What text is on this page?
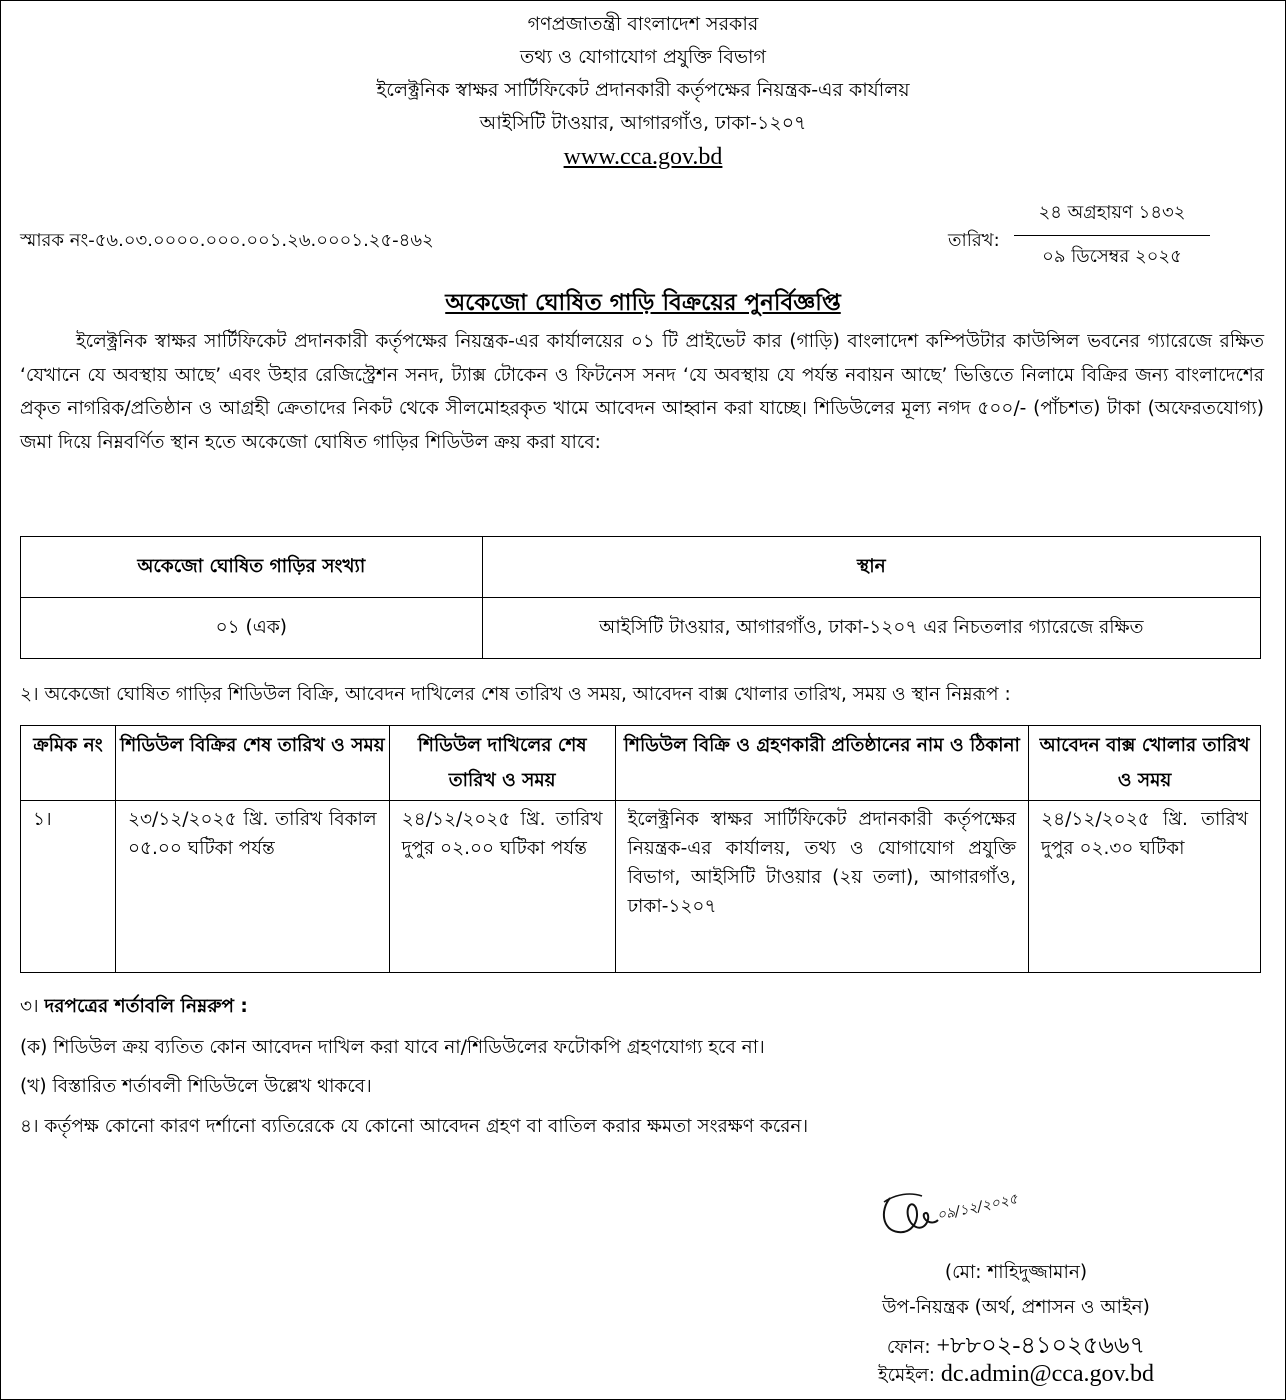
গণপ্রজাতন্ত্রী বাংলাদেশ সরকার
তথ্য ও যোগাযোগ প্রযুক্তি বিভাগ
ইলেক্ট্রনিক স্বাক্ষর সার্টিফিকেট প্রদানকারী কর্তৃপক্ষের নিয়ন্ত্রক-এর কার্যালয়
আইসিটি টাওয়ার, আগারগাঁও, ঢাকা-১২০৭
www.cca.gov.bd
স্মারক নং-৫৬.০৩.০০০০.০০০.০০১.২৬.০০০১.২৫-৪৬২	তারিখ:
২৪ অগ্রহায়ণ ১৪৩২
০৯ ডিসেম্বর ২০২৫
অকেজো ঘোষিত গাড়ি বিক্রয়ের পুনর্বিজ্ঞপ্তি
ইলেক্ট্রনিক স্বাক্ষর সার্টিফিকেট প্রদানকারী কর্তৃপক্ষের নিয়ন্ত্রক-এর কার্যালয়ের ০১ টি প্রাইভেট কার (গাড়ি) বাংলাদেশ কম্পিউটার কাউন্সিল ভবনের গ্যারেজে রক্ষিত ‘যেখানে যে অবস্থায় আছে’ এবং উহার রেজিস্ট্রেশন সনদ, ট্যাক্স টোকেন ও ফিটনেস সনদ ‘যে অবস্থায় যে পর্যন্ত নবায়ন আছে’ ভিত্তিতে নিলামে বিক্রির জন্য বাংলাদেশের প্রকৃত নাগরিক/প্রতিষ্ঠান ও আগ্রহী ক্রেতাদের নিকট থেকে সীলমোহরকৃত খামে আবেদন আহ্বান করা যাচ্ছে। শিডিউলের মূল্য নগদ ৫০০/- (পাঁচশত) টাকা (অফেরতযোগ্য) জমা দিয়ে নিম্নবর্ণিত স্থান হতে অকেজো ঘোষিত গাড়ির শিডিউল ক্রয় করা যাবে:
অকেজো ঘোষিত গাড়ির সংখ্যা	স্থান
০১ (এক)	আইসিটি টাওয়ার, আগারগাঁও, ঢাকা-১২০৭ এর নিচতলার গ্যারেজে রক্ষিত
২। অকেজো ঘোষিত গাড়ির শিডিউল বিক্রি, আবেদন দাখিলের শেষ তারিখ ও সময়, আবেদন বাক্স খোলার তারিখ, সময় ও স্থান নিম্নরূপ :
ক্রমিক নং	শিডিউল বিক্রির শেষ তারিখ ও সময়	শিডিউল দাখিলের শেষ তারিখ ও সময়	শিডিউল বিক্রি ও গ্রহণকারী প্রতিষ্ঠানের নাম ও ঠিকানা	আবেদন বাক্স খোলার তারিখ ও সময়
১।	২৩/১২/২০২৫ খ্রি. তারিখ বিকাল ০৫.০০ ঘটিকা পর্যন্ত	২৪/১২/২০২৫ খ্রি. তারিখ দুপুর ০২.০০ ঘটিকা পর্যন্ত	ইলেক্ট্রনিক স্বাক্ষর সার্টিফিকেট প্রদানকারী কর্তৃপক্ষের নিয়ন্ত্রক-এর কার্যালয়, তথ্য ও যোগাযোগ প্রযুক্তি বিভাগ, আইসিটি টাওয়ার (২য় তলা), আগারগাঁও, ঢাকা-১২০৭	২৪/১২/২০২৫ খ্রি. তারিখ দুপুর ০২.৩০ ঘটিকা
৩। দরপত্রের শর্তাবলি নিম্নরুপ :
(ক) শিডিউল ক্রয় ব্যতিত কোন আবেদন দাখিল করা যাবে না/শিডিউলের ফটোকপি গ্রহণযোগ্য হবে না।
(খ) বিস্তারিত শর্তাবলী শিডিউলে উল্লেখ থাকবে।
৪। কর্তৃপক্ষ কোনো কারণ দর্শানো ব্যতিরেকে যে কোনো আবেদন গ্রহণ বা বাতিল করার ক্ষমতা সংরক্ষণ করেন।
০৯/১২/২০২৫
(মো: শাহিদুজ্জামান)
উপ-নিয়ন্ত্রক (অর্থ, প্রশাসন ও আইন)
ফোন: +৮৮০২-৪১০২৫৬৬৭
ইমেইল: dc.admin@cca.gov.bd
